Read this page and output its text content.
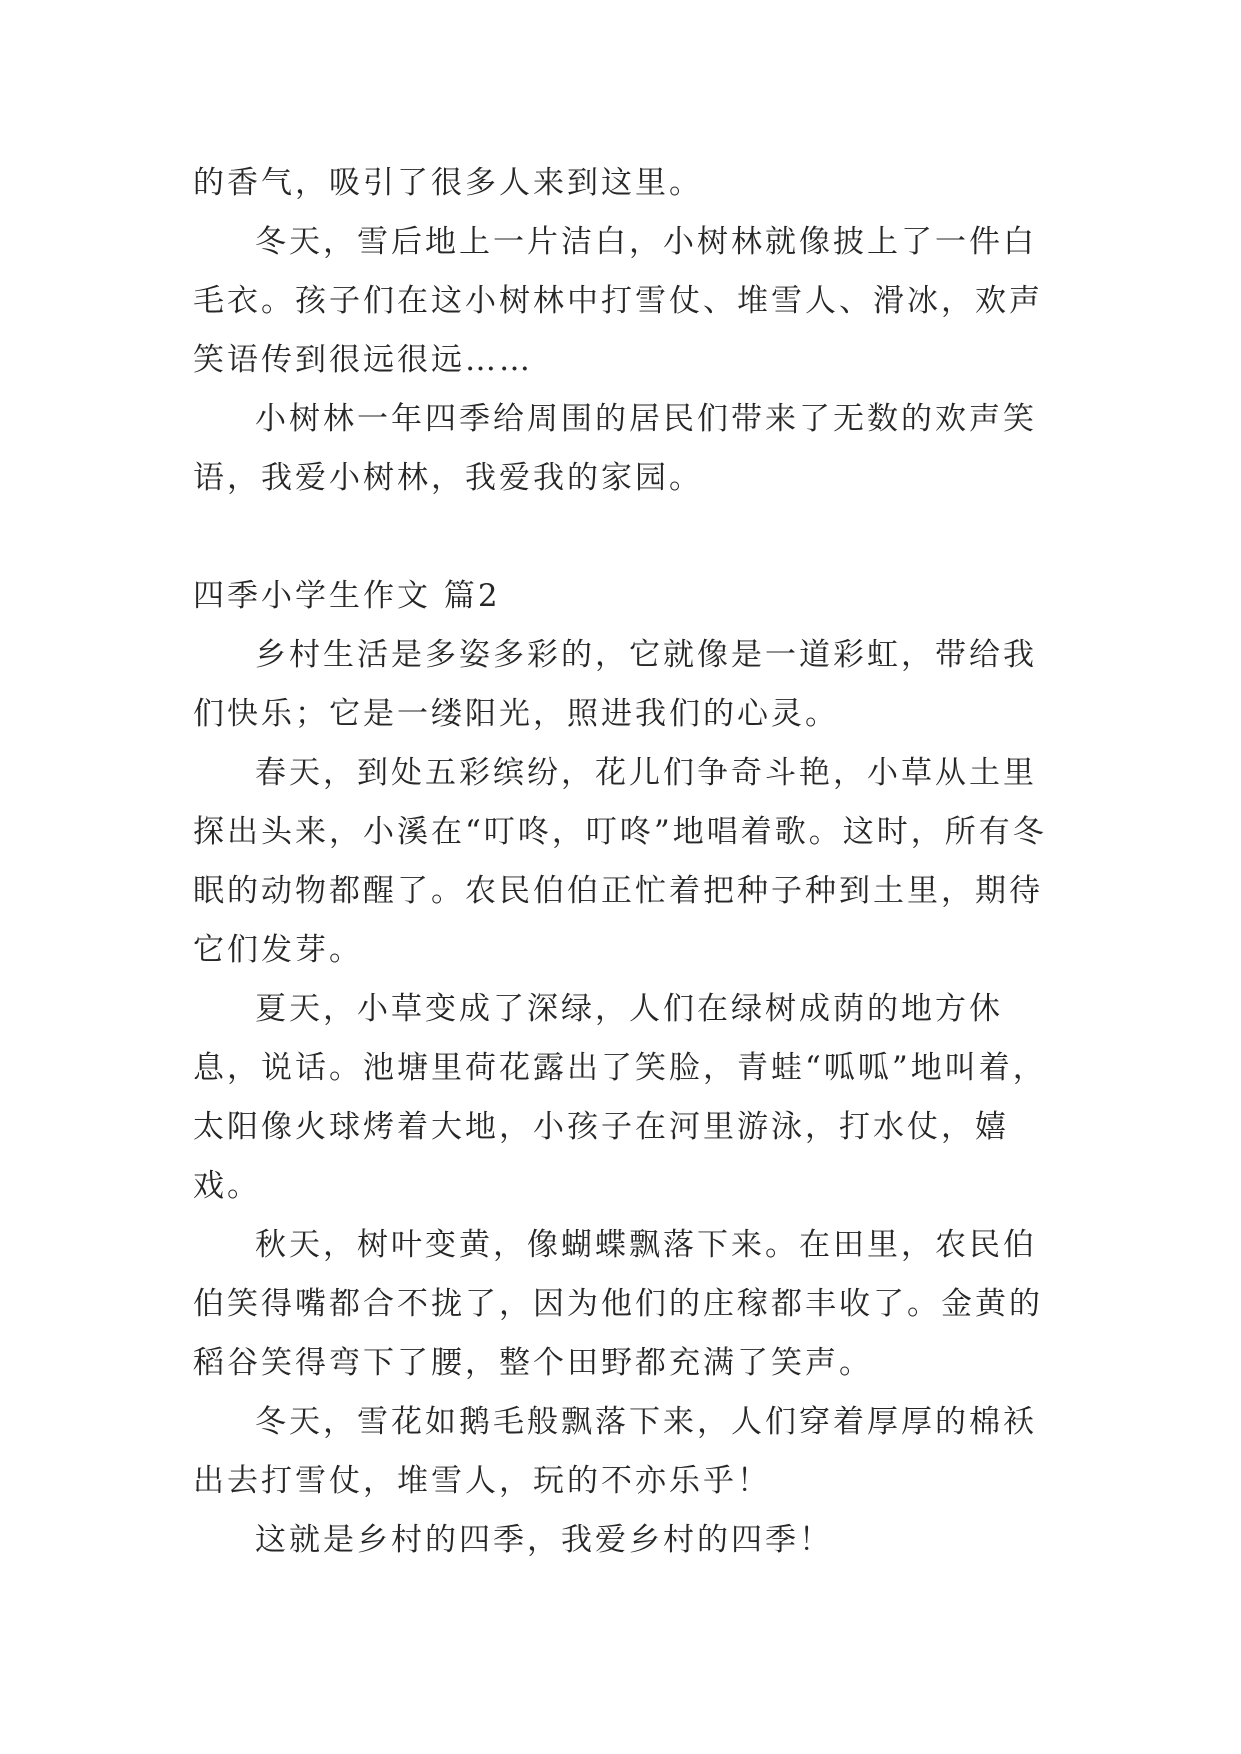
的香气，吸引了很多人来到这里。

冬天，雪后地上一片洁白，小树林就像披上了一件白毛衣。孩子们在这小树林中打雪仗、堆雪人、滑冰，欢声笑语传到很远很远……

小树林一年四季给周围的居民们带来了无数的欢声笑语，我爱小树林，我爱我的家园。

四季小学生作文 篇2

乡村生活是多姿多彩的，它就像是一道彩虹，带给我们快乐；它是一缕阳光，照进我们的心灵。

春天，到处五彩缤纷，花儿们争奇斗艳，小草从土里探出头来，小溪在“叮咚，叮咚”地唱着歌。这时，所有冬眠的动物都醒了。农民伯伯正忙着把种子种到土里，期待它们发芽。

夏天，小草变成了深绿，人们在绿树成荫的地方休息，说话。池塘里荷花露出了笑脸，青蛙“呱呱”地叫着，太阳像火球烤着大地，小孩子在河里游泳，打水仗，嬉戏。

秋天，树叶变黄，像蝴蝶飘落下来。在田里，农民伯伯笑得嘴都合不拢了，因为他们的庄稼都丰收了。金黄的稻谷笑得弯下了腰，整个田野都充满了笑声。

冬天，雪花如鹅毛般飘落下来，人们穿着厚厚的棉袄出去打雪仗，堆雪人，玩的不亦乐乎！

这就是乡村的四季，我爱乡村的四季！
